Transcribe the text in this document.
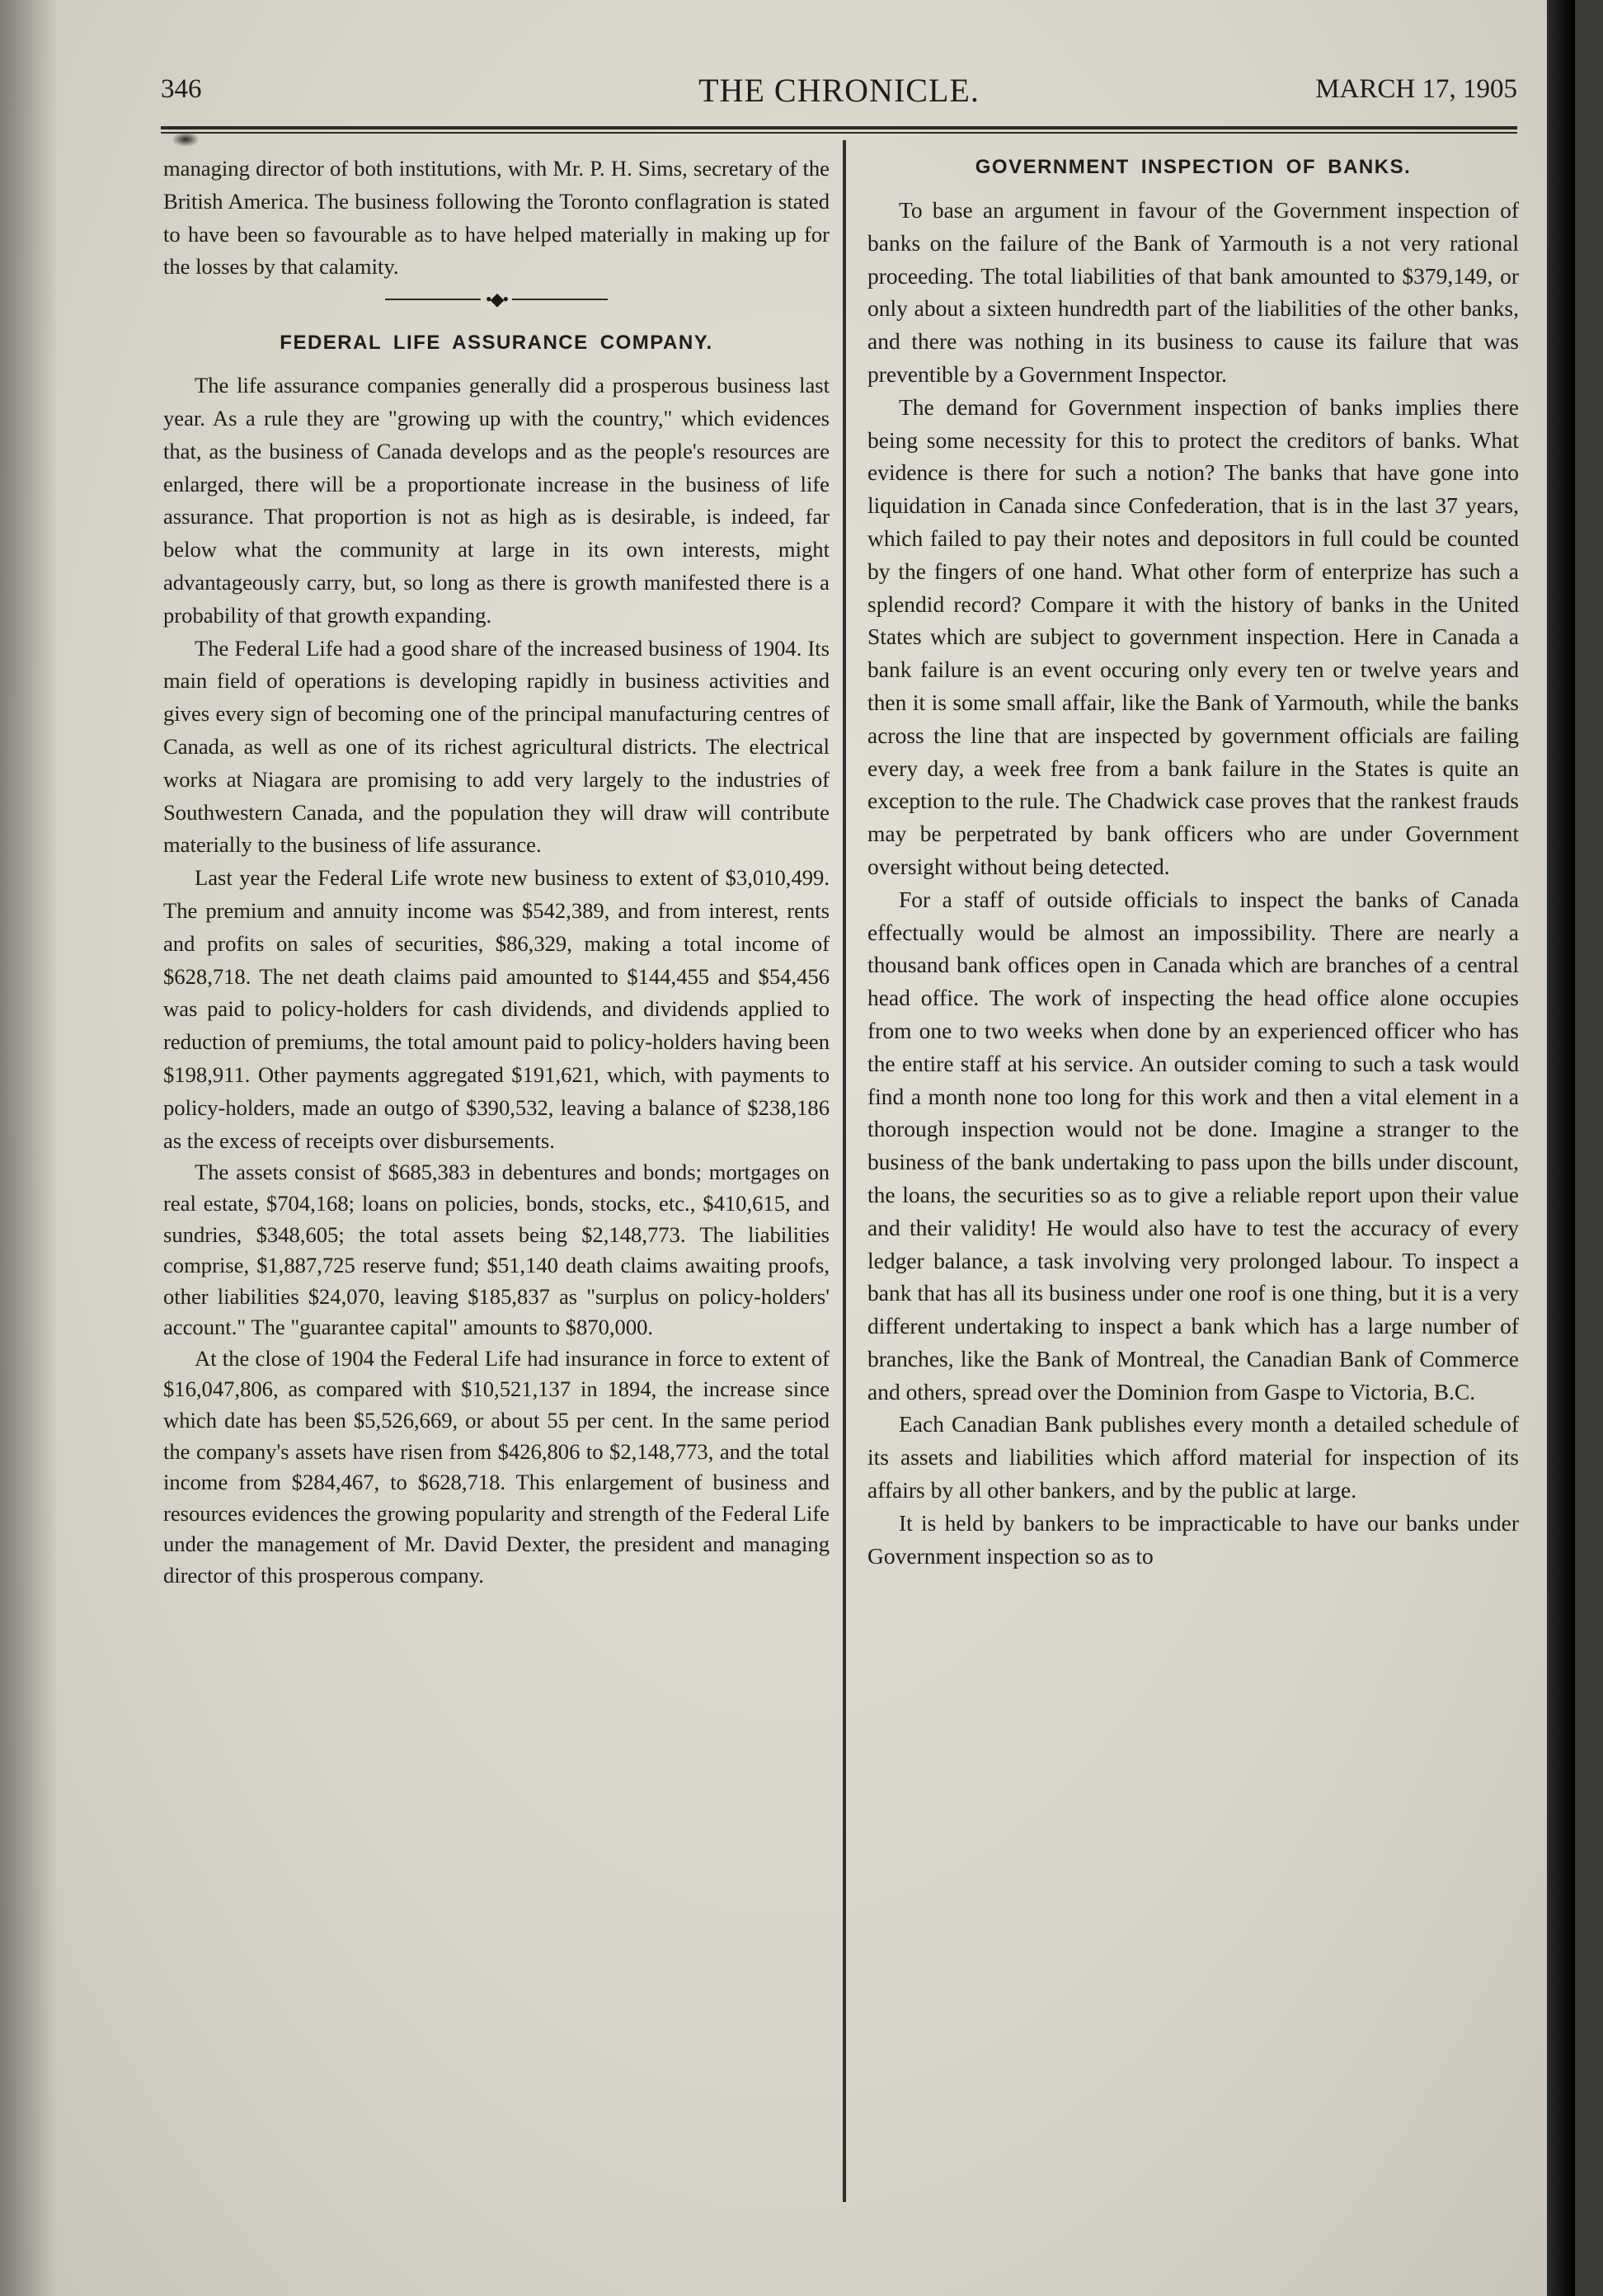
346	THE CHRONICLE.	MARCH 17, 1905

managing director of both institutions, with Mr. P. H. Sims, secretary of the British America. The business following the Toronto conflagration is stated to have been so favourable as to have helped materially in making up for the losses by that calamity.

•◆•
FEDERAL LIFE ASSURANCE COMPANY.

The life assurance companies generally did a prosperous business last year. As a rule they are "growing up with the country," which evidences that, as the business of Canada develops and as the people's resources are enlarged, there will be a proportionate increase in the business of life assurance. That proportion is not as high as is desirable, is indeed, far below what the community at large in its own interests, might advantageously carry, but, so long as there is growth manifested there is a probability of that growth expanding.

The Federal Life had a good share of the increased business of 1904. Its main field of operations is developing rapidly in business activities and gives every sign of becoming one of the principal manufacturing centres of Canada, as well as one of its richest agricultural districts. The electrical works at Niagara are promising to add very largely to the industries of Southwestern Canada, and the population they will draw will contribute materially to the business of life assurance.

Last year the Federal Life wrote new business to extent of $3,010,499. The premium and annuity income was $542,389, and from interest, rents and profits on sales of securities, $86,329, making a total income of $628,718. The net death claims paid amounted to $144,455 and $54,456 was paid to policy-holders for cash dividends, and dividends applied to reduction of premiums, the total amount paid to policy-holders having been $198,911. Other payments aggregated $191,621, which, with payments to policy-holders, made an outgo of $390,532, leaving a balance of $238,186 as the excess of receipts over disbursements.

The assets consist of $685,383 in debentures and bonds; mortgages on real estate, $704,168; loans on policies, bonds, stocks, etc., $410,615, and sundries, $348,605; the total assets being $2,148,773. The liabilities comprise, $1,887,725 reserve fund; $51,140 death claims awaiting proofs, other liabilities $24,070, leaving $185,837 as "surplus on policy-holders' account." The "guarantee capital" amounts to $870,000.

At the close of 1904 the Federal Life had insurance in force to extent of $16,047,806, as compared with $10,521,137 in 1894, the increase since which date has been $5,526,669, or about 55 per cent. In the same period the company's assets have risen from $426,806 to $2,148,773, and the total income from $284,467, to $628,718. This enlargement of business and resources evidences the growing popularity and strength of the Federal Life under the management of Mr. David Dexter, the president and managing director of this prosperous company.

GOVERNMENT INSPECTION OF BANKS.

To base an argument in favour of the Government inspection of banks on the failure of the Bank of Yarmouth is a not very rational proceeding. The total liabilities of that bank amounted to $379,149, or only about a sixteen hundredth part of the liabilities of the other banks, and there was nothing in its business to cause its failure that was preventible by a Government Inspector.

The demand for Government inspection of banks implies there being some necessity for this to protect the creditors of banks. What evidence is there for such a notion? The banks that have gone into liquidation in Canada since Confederation, that is in the last 37 years, which failed to pay their notes and depositors in full could be counted by the fingers of one hand. What other form of enterprize has such a splendid record? Compare it with the history of banks in the United States which are subject to government inspection. Here in Canada a bank failure is an event occuring only every ten or twelve years and then it is some small affair, like the Bank of Yarmouth, while the banks across the line that are inspected by government officials are failing every day, a week free from a bank failure in the States is quite an exception to the rule. The Chadwick case proves that the rankest frauds may be perpetrated by bank officers who are under Government oversight without being detected.

For a staff of outside officials to inspect the banks of Canada effectually would be almost an impossibility. There are nearly a thousand bank offices open in Canada which are branches of a central head office. The work of inspecting the head office alone occupies from one to two weeks when done by an experienced officer who has the entire staff at his service. An outsider coming to such a task would find a month none too long for this work and then a vital element in a thorough inspection would not be done. Imagine a stranger to the business of the bank undertaking to pass upon the bills under discount, the loans, the securities so as to give a reliable report upon their value and their validity! He would also have to test the accuracy of every ledger balance, a task involving very prolonged labour. To inspect a bank that has all its business under one roof is one thing, but it is a very different undertaking to inspect a bank which has a large number of branches, like the Bank of Montreal, the Canadian Bank of Commerce and others, spread over the Dominion from Gaspe to Victoria, B.C.

Each Canadian Bank publishes every month a detailed schedule of its assets and liabilities which afford material for inspection of its affairs by all other bankers, and by the public at large.

It is held by bankers to be impracticable to have our banks under Government inspection so as to
